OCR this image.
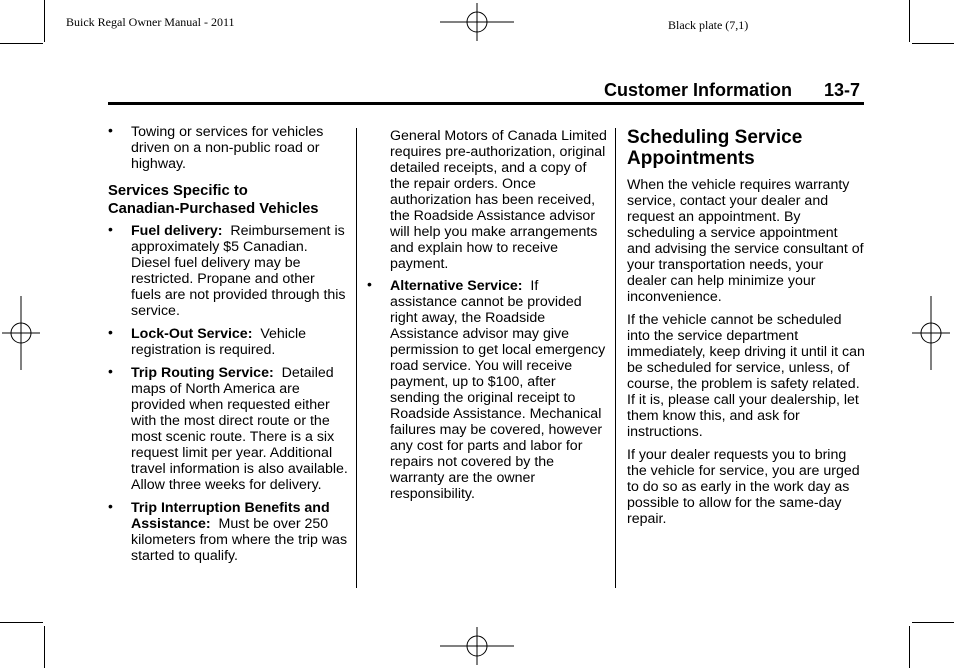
Buick Regal Owner Manual - 2011	Black plate (7,1)
Customer Information 13-7

• Towing or services for vehicles driven on a non-public road or highway.

Services Specific to
Canadian-Purchased Vehicles

• Fuel delivery: Reimbursement is approximately $5 Canadian. Diesel fuel delivery may be restricted. Propane and other fuels are not provided through this service.

• Lock-Out Service: Vehicle registration is required.

• Trip Routing Service: Detailed maps of North America are provided when requested either with the most direct route or the most scenic route. There is a six request limit per year. Additional travel information is also available. Allow three weeks for delivery.

• Trip Interruption Benefits and Assistance: Must be over 250 kilometers from where the trip was started to qualify.

General Motors of Canada Limited requires pre-authorization, original detailed receipts, and a copy of the repair orders. Once authorization has been received, the Roadside Assistance advisor will help you make arrangements and explain how to receive payment.

• Alternative Service: If assistance cannot be provided right away, the Roadside Assistance advisor may give permission to get local emergency road service. You will receive payment, up to $100, after sending the original receipt to Roadside Assistance. Mechanical failures may be covered, however any cost for parts and labor for repairs not covered by the warranty are the owner responsibility.

Scheduling Service
Appointments

When the vehicle requires warranty service, contact your dealer and request an appointment. By scheduling a service appointment and advising the service consultant of your transportation needs, your dealer can help minimize your inconvenience.

If the vehicle cannot be scheduled into the service department immediately, keep driving it until it can be scheduled for service, unless, of course, the problem is safety related. If it is, please call your dealership, let them know this, and ask for instructions.

If your dealer requests you to bring the vehicle for service, you are urged to do so as early in the work day as possible to allow for the same-day repair.
